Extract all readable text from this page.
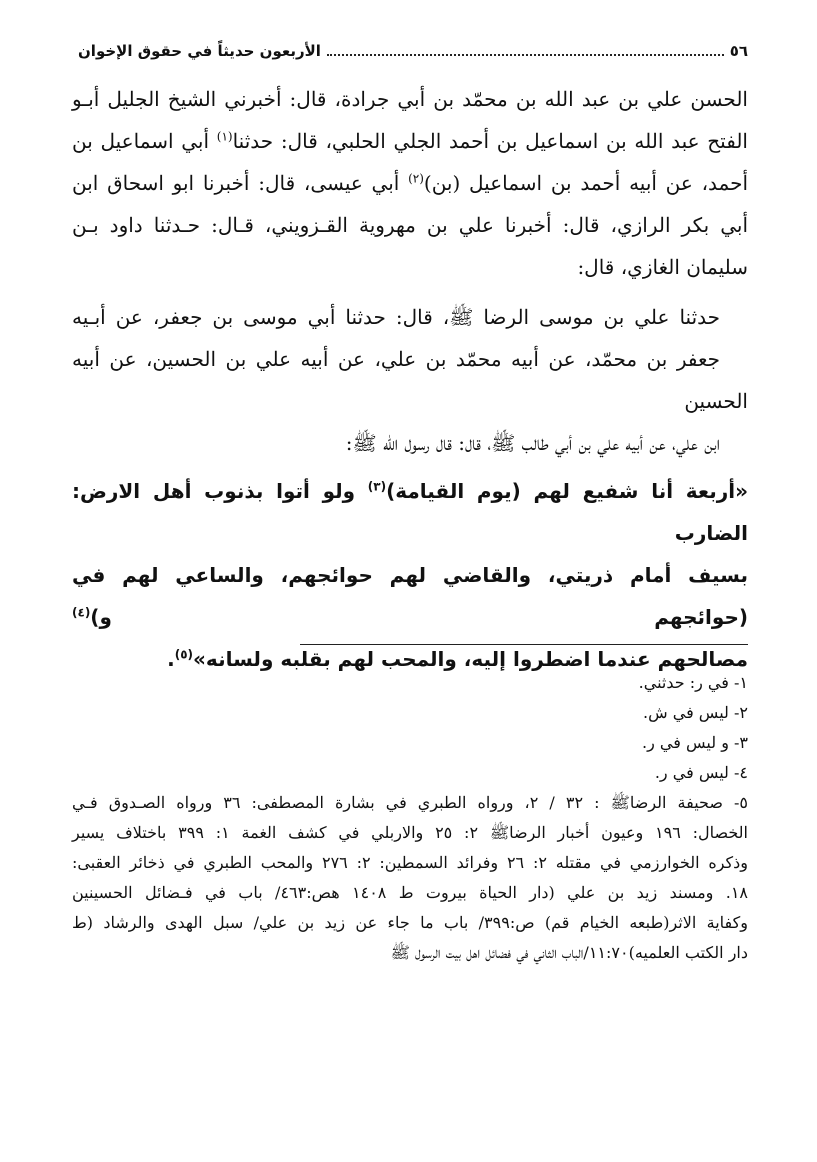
٥٦
الأربعون حديثاً في حقوق الإخوان

الحسن علي بن عبد الله بن محمّد بن أبي جرادة، قال: أخبرني الشيخ الجليل أبـو
الفتح عبد الله بن اسماعيل بن أحمد الجلي الحلبي، قال: حدثنا$^{(١)}$ أبي اسماعيل بن
أحمد، عن أبيه أحمد بن اسماعيل (بن)$^{(٢)}$ أبي عيسى، قال: أخبرنا ابو اسحاق ابن
أبي بكر الرازي، قال: أخبرنا علي بن مهروية القـزويني، قـال: حـدثنا داود بـن
سليمان الغازي، قال:

حدثنا علي بن موسى الرضا ﷺ، قال: حدثنا أبي موسى بن جعفر، عن أبـيه
جعفر بن محمّد، عن أبيه محمّد بن علي، عن أبيه علي بن الحسين، عن أبيه الحسين
ابن علي، عن أبيه علي بن أبي طالب ﷺ، قال: قال رسول الله ﷺ:

«أربعة أنا شفيع لهم (يوم القيامة)$^{(٣)}$ ولو أتوا بذنوب أهل الارض: الضارب
بسيف أمام ذريتي، والقاضي لهم حوائجهم، والساعي لهم في (حوائجهم و)$^{(٤)}$
مصالحهم عندما اضطروا إليه، والمحب لهم بقلبه ولسانه»$^{(٥)}$.

١- في ر: حدثني.
٢- ليس في ش.
٣- و ليس في ر.
٤- ليس في ر.
٥- صحيفة الرضاﷺ : ٣٢ / ٢، ورواه الطبري في بشارة المصطفى: ٣٦ ورواه الصـدوق فـي
الخصال: ١٩٦ وعيون أخبار الرضاﷺ ٢: ٢٥ والاربلي في كشف الغمة ١: ٣٩٩ باختلاف يسير
وذكره الخوارزمي في مقتله ٢: ٢٦ وفرائد السمطين: ٢: ٢٧٦ والمحب الطبري في ذخائر العقبى:
١٨. ومسند زيد بن علي (دار الحياة بيروت ط ١٤٠٨ هص:٤٦٣/ باب في فـضائل الحسينين
وكفاية الاثر(طبعه الخيام قم) ص:٣٩٩/ باب ما جاء عن زيد بن علي/ سبل الهدى والرشاد (ط
دار الكتب العلميه)١١:٧٠/الباب الثاني في فضائل اهل بيت الرسول ﷺ
